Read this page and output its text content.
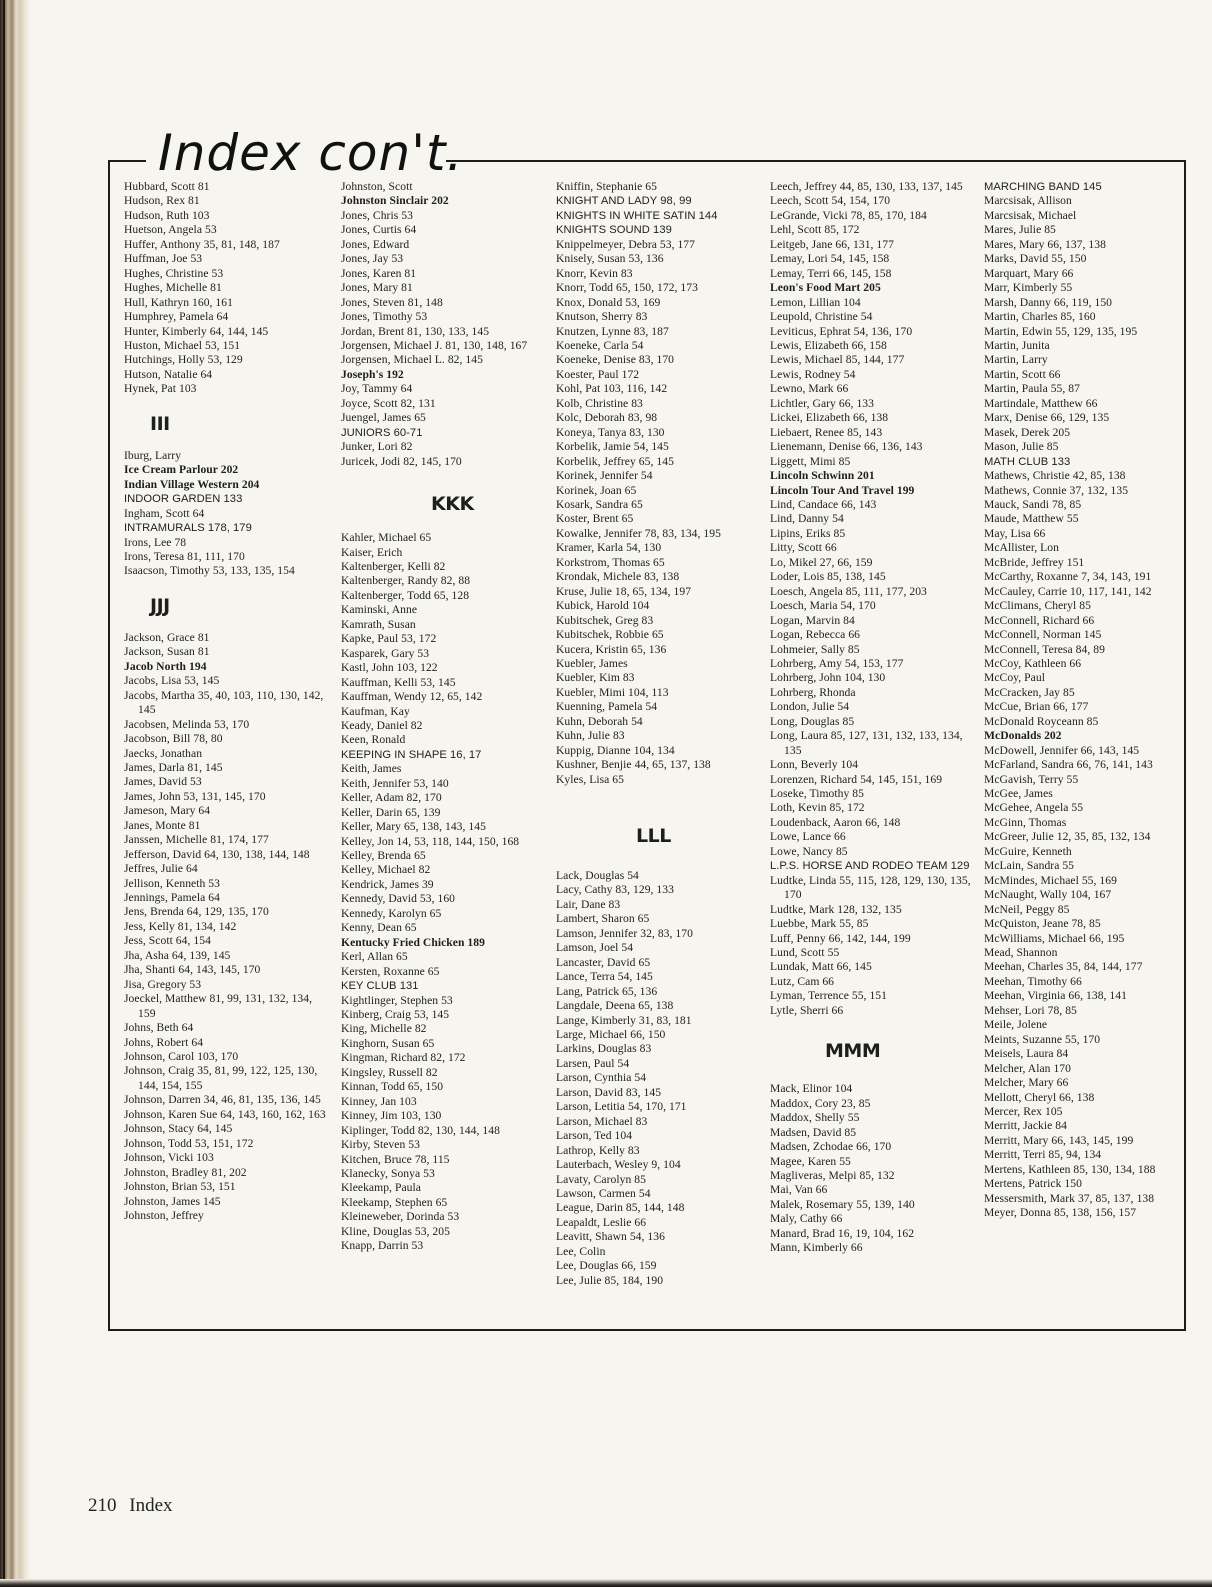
Index con't.
Hubbard, Scott 81
Hudson, Rex 81
Hudson, Ruth 103
Huetson, Angela 53
Huffer, Anthony 35, 81, 148, 187
Huffman, Joe 53
Hughes, Christine 53
Hughes, Michelle 81
Hull, Kathryn 160, 161
Humphrey, Pamela 64
Hunter, Kimberly 64, 144, 145
Huston, Michael 53, 151
Hutchings, Holly 53, 129
Hutson, Natalie 64
Hynek, Pat 103
III
Iburg, Larry
Ice Cream Parlour 202
Indian Village Western 204
INDOOR GARDEN 133
Ingham, Scott 64
INTRAMURALS 178, 179
Irons, Lee 78
Irons, Teresa 81, 111, 170
Isaacson, Timothy 53, 133, 135, 154
JJJ
Jackson, Grace 81
Jackson, Susan 81
Jacob North 194
Jacobs, Lisa 53, 145
Jacobs, Martha 35, 40, 103, 110, 130, 142, 145
Jacobsen, Melinda 53, 170
Jacobson, Bill 78, 80
Jaecks, Jonathan
James, Darla 81, 145
James, David 53
James, John 53, 131, 145, 170
Jameson, Mary 64
Janes, Monte 81
Janssen, Michelle 81, 174, 177
Jefferson, David 64, 130, 138, 144, 148
Jeffres, Julie 64
Jellison, Kenneth 53
Jennings, Pamela 64
Jens, Brenda 64, 129, 135, 170
Jess, Kelly 81, 134, 142
Jess, Scott 64, 154
Jha, Asha 64, 139, 145
Jha, Shanti 64, 143, 145, 170
Jisa, Gregory 53
Joeckel, Matthew 81, 99, 131, 132, 134, 159
Johns, Beth 64
Johns, Robert 64
Johnson, Carol 103, 170
Johnson, Craig 35, 81, 99, 122, 125, 130, 144, 154, 155
Johnson, Darren 34, 46, 81, 135, 136, 145
Johnson, Karen Sue 64, 143, 160, 162, 163
Johnson, Stacy 64, 145
Johnson, Todd 53, 151, 172
Johnson, Vicki 103
Johnston, Bradley 81, 202
Johnston, Brian 53, 151
Johnston, James 145
Johnston, Jeffrey
Johnston, Scott
Johnston Sinclair 202
Jones, Chris 53
Jones, Curtis 64
Jones, Edward
Jones, Jay 53
Jones, Karen 81
Jones, Mary 81
Jones, Steven 81, 148
Jones, Timothy 53
Jordan, Brent 81, 130, 133, 145
Jorgensen, Michael J. 81, 130, 148, 167
Jorgensen, Michael L. 82, 145
Joseph's 192
Joy, Tammy 64
Joyce, Scott 82, 131
Juengel, James 65
JUNIORS 60-71
Junker, Lori 82
Juricek, Jodi 82, 145, 170
KKK
Kahler, Michael 65
Kaiser, Erich
Kaltenberger, Kelli 82
Kaltenberger, Randy 82, 88
Kaltenberger, Todd 65, 128
Kaminski, Anne
Kamrath, Susan
Kapke, Paul 53, 172
Kasparek, Gary 53
Kastl, John 103, 122
Kauffman, Kelli 53, 145
Kauffman, Wendy 12, 65, 142
Kaufman, Kay
Keady, Daniel 82
Keen, Ronald
KEEPING IN SHAPE 16, 17
Keith, James
Keith, Jennifer 53, 140
Keller, Adam 82, 170
Keller, Darin 65, 139
Keller, Mary 65, 138, 143, 145
Kelley, Jon 14, 53, 118, 144, 150, 168
Kelley, Brenda 65
Kelley, Michael 82
Kendrick, James 39
Kennedy, David 53, 160
Kennedy, Karolyn 65
Kenny, Dean 65
Kentucky Fried Chicken 189
Kerl, Allan 65
Kersten, Roxanne 65
KEY CLUB 131
Kightlinger, Stephen 53
Kinberg, Craig 53, 145
King, Michelle 82
Kinghorn, Susan 65
Kingman, Richard 82, 172
Kingsley, Russell 82
Kinnan, Todd 65, 150
Kinney, Jan 103
Kinney, Jim 103, 130
Kiplinger, Todd 82, 130, 144, 148
Kirby, Steven 53
Kitchen, Bruce 78, 115
Klanecky, Sonya 53
Kleekamp, Paula
Kleekamp, Stephen 65
Kleineweber, Dorinda 53
Kline, Douglas 53, 205
Knapp, Darrin 53
Kniffin, Stephanie 65
KNIGHT AND LADY 98, 99
KNIGHTS IN WHITE SATIN 144
KNIGHTS SOUND 139
Knippelmeyer, Debra 53, 177
Knisely, Susan 53, 136
Knorr, Kevin 83
Knorr, Todd 65, 150, 172, 173
Knox, Donald 53, 169
Knutson, Sherry 83
Knutzen, Lynne 83, 187
Koeneke, Carla 54
Koeneke, Denise 83, 170
Koester, Paul 172
Kohl, Pat 103, 116, 142
Kolb, Christine 83
Kolc, Deborah 83, 98
Koneya, Tanya 83, 130
Korbelik, Jamie 54, 145
Korbelik, Jeffrey 65, 145
Korinek, Jennifer 54
Korinek, Joan 65
Kosark, Sandra 65
Koster, Brent 65
Kowalke, Jennifer 78, 83, 134, 195
Kramer, Karla 54, 130
Korkstrom, Thomas 65
Krondak, Michele 83, 138
Kruse, Julie 18, 65, 134, 197
Kubick, Harold 104
Kubitschek, Greg 83
Kubitschek, Robbie 65
Kucera, Kristin 65, 136
Kuebler, James
Kuebler, Kim 83
Kuebler, Mimi 104, 113
Kuenning, Pamela 54
Kuhn, Deborah 54
Kuhn, Julie 83
Kuppig, Dianne 104, 134
Kushner, Benjie 44, 65, 137, 138
Kyles, Lisa 65
LLL
Lack, Douglas 54
Lacy, Cathy 83, 129, 133
Lair, Dane 83
Lambert, Sharon 65
Lamson, Jennifer 32, 83, 170
Lamson, Joel 54
Lancaster, David 65
Lance, Terra 54, 145
Lang, Patrick 65, 136
Langdale, Deena 65, 138
Lange, Kimberly 31, 83, 181
Large, Michael 66, 150
Larkins, Douglas 83
Larsen, Paul 54
Larson, Cynthia 54
Larson, David 83, 145
Larson, Letitia 54, 170, 171
Larson, Michael 83
Larson, Ted 104
Lathrop, Kelly 83
Lauterbach, Wesley 9, 104
Lavaty, Carolyn 85
Lawson, Carmen 54
League, Darin 85, 144, 148
Leapaldt, Leslie 66
Leavitt, Shawn 54, 136
Lee, Colin
Lee, Douglas 66, 159
Lee, Julie 85, 184, 190
Leech, Jeffrey 44, 85, 130, 133, 137, 145
Leech, Scott 54, 154, 170
LeGrande, Vicki 78, 85, 170, 184
Lehl, Scott 85, 172
Leitgeb, Jane 66, 131, 177
Lemay, Lori 54, 145, 158
Lemay, Terri 66, 145, 158
Leon's Food Mart 205
Lemon, Lillian 104
Leupold, Christine 54
Leviticus, Ephrat 54, 136, 170
Lewis, Elizabeth 66, 158
Lewis, Michael 85, 144, 177
Lewis, Rodney 54
Lewno, Mark 66
Lichtler, Gary 66, 133
Lickei, Elizabeth 66, 138
Liebaert, Renee 85, 143
Lienemann, Denise 66, 136, 143
Liggett, Mimi 85
Lincoln Schwinn 201
Lincoln Tour And Travel 199
Lind, Candace 66, 143
Lind, Danny 54
Lipins, Eriks 85
Litty, Scott 66
Lo, Mikel 27, 66, 159
Loder, Lois 85, 138, 145
Loesch, Angela 85, 111, 177, 203
Loesch, Maria 54, 170
Logan, Marvin 84
Logan, Rebecca 66
Lohmeier, Sally 85
Lohrberg, Amy 54, 153, 177
Lohrberg, John 104, 130
Lohrberg, Rhonda
London, Julie 54
Long, Douglas 85
Long, Laura 85, 127, 131, 132, 133, 134, 135
Lonn, Beverly 104
Lorenzen, Richard 54, 145, 151, 169
Loseke, Timothy 85
Loth, Kevin 85, 172
Loudenback, Aaron 66, 148
Lowe, Lance 66
Lowe, Nancy 85
L.P.S. HORSE AND RODEO TEAM 129
Ludtke, Linda 55, 115, 128, 129, 130, 135, 170
Ludtke, Mark 128, 132, 135
Luebbe, Mark 55, 85
Luff, Penny 66, 142, 144, 199
Lund, Scott 55
Lundak, Matt 66, 145
Lutz, Cam 66
Lyman, Terrence 55, 151
Lytle, Sherri 66
MMM
Mack, Elinor 104
Maddox, Cory 23, 85
Maddox, Shelly 55
Madsen, David 85
Madsen, Zchodae 66, 170
Magee, Karen 55
Magliveras, Melpi 85, 132
Mai, Van 66
Malek, Rosemary 55, 139, 140
Maly, Cathy 66
Manard, Brad 16, 19, 104, 162
Mann, Kimberly 66
MARCHING BAND 145
Marcsisak, Allison
Marcsisak, Michael
Mares, Julie 85
Mares, Mary 66, 137, 138
Marks, David 55, 150
Marquart, Mary 66
Marr, Kimberly 55
Marsh, Danny 66, 119, 150
Martin, Charles 85, 160
Martin, Edwin 55, 129, 135, 195
Martin, Junita
Martin, Larry
Martin, Scott 66
Martin, Paula 55, 87
Martindale, Matthew 66
Marx, Denise 66, 129, 135
Masek, Derek 205
Mason, Julie 85
MATH CLUB 133
Mathews, Christie 42, 85, 138
Mathews, Connie 37, 132, 135
Mauck, Sandi 78, 85
Maude, Matthew 55
May, Lisa 66
McAllister, Lon
McBride, Jeffrey 151
McCarthy, Roxanne 7, 34, 143, 191
McCauley, Carrie 10, 117, 141, 142
McClimans, Cheryl 85
McConnell, Richard 66
McConnell, Norman 145
McConnell, Teresa 84, 89
McCoy, Kathleen 66
McCoy, Paul
McCracken, Jay 85
McCue, Brian 66, 177
McDonald Royceann 85
McDonalds 202
McDowell, Jennifer 66, 143, 145
McFarland, Sandra 66, 76, 141, 143
McGavish, Terry 55
McGee, James
McGehee, Angela 55
McGinn, Thomas
McGreer, Julie 12, 35, 85, 132, 134
McGuire, Kenneth
McLain, Sandra 55
McMindes, Michael 55, 169
McNaught, Wally 104, 167
McNeil, Peggy 85
McQuiston, Jeane 78, 85
McWilliams, Michael 66, 195
Mead, Shannon
Meehan, Charles 35, 84, 144, 177
Meehan, Timothy 66
Meehan, Virginia 66, 138, 141
Mehser, Lori 78, 85
Meile, Jolene
Meints, Suzanne 55, 170
Meisels, Laura 84
Melcher, Alan 170
Melcher, Mary 66
Mellott, Cheryl 66, 138
Mercer, Rex 105
Merritt, Jackie 84
Merritt, Mary 66, 143, 145, 199
Merritt, Terri 85, 94, 134
Mertens, Kathleen 85, 130, 134, 188
Mertens, Patrick 150
Messersmith, Mark 37, 85, 137, 138
Meyer, Donna 85, 138, 156, 157
210 Index
